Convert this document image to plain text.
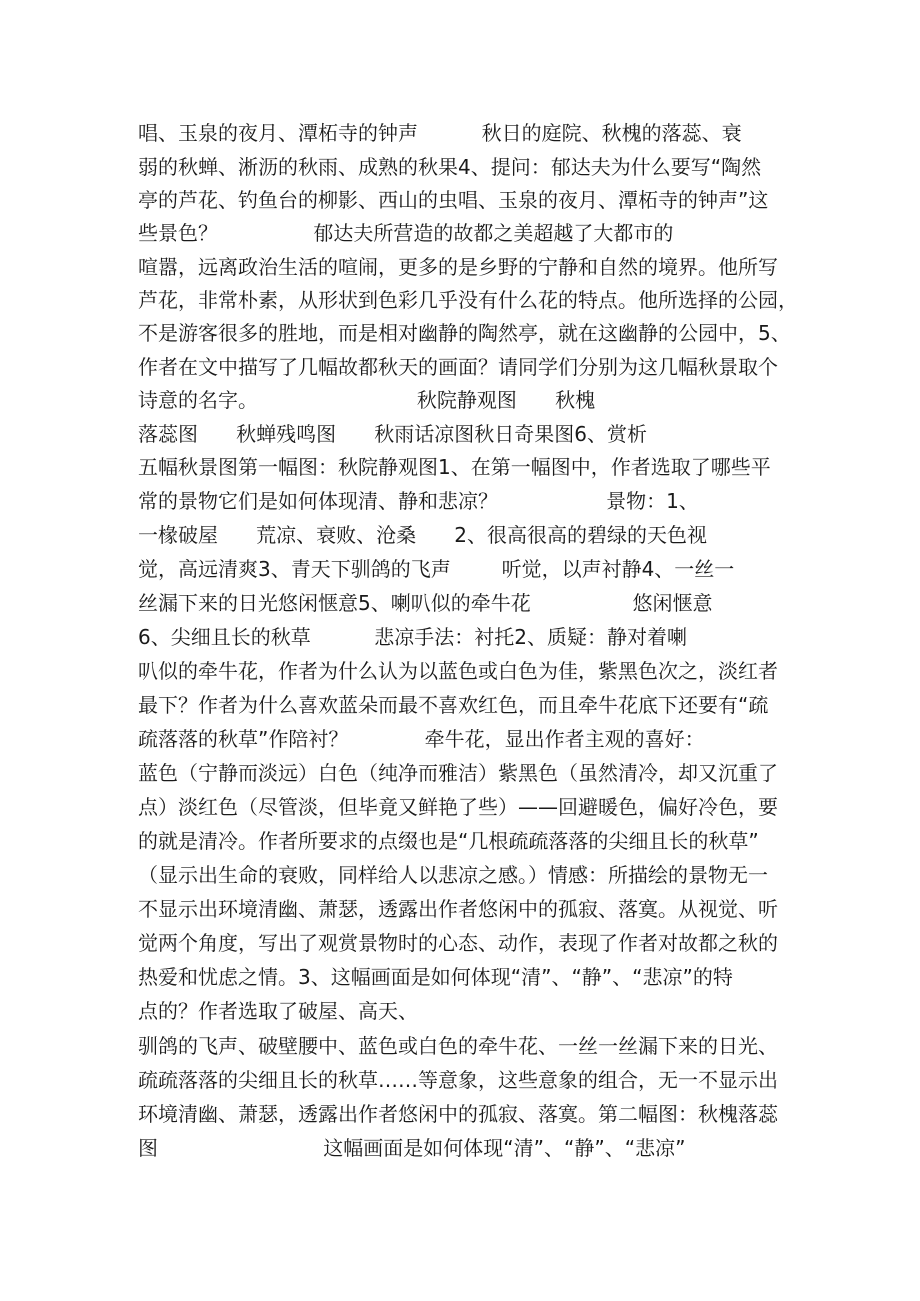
唱、玉泉的夜月、潭柘寺的钟声          秋日的庭院、秋槐的落蕊、衰
弱的秋蝉、淅沥的秋雨、成熟的秋果4、提问：郁达夫为什么要写“陶然
亭的芦花、钓鱼台的柳影、西山的虫唱、玉泉的夜月、潭柘寺的钟声”这
些景色？               郁达夫所营造的故都之美超越了大都市的
喧嚣，远离政治生活的喧闹，更多的是乡野的宁静和自然的境界。他所写
芦花，非常朴素，从形状到色彩几乎没有什么花的特点。他所选择的公园，
不是游客很多的胜地，而是相对幽静的陶然亭，就在这幽静的公园中，5、
作者在文中描写了几幅故都秋天的画面？请同学们分别为这几幅秋景取个
诗意的名字。                         秋院静观图      秋槐
落蕊图      秋蝉残鸣图      秋雨话凉图秋日奇果图6、赏析
五幅秋景图第一幅图：秋院静观图1、在第一幅图中，作者选取了哪些平
常的景物它们是如何体现清、静和悲凉？                 景物：1、
一椽破屋      荒凉、衰败、沧桑      2、很高很高的碧绿的天色视
觉，高远清爽3、青天下驯鸽的飞声        听觉，以声衬静4、一丝一
丝漏下来的日光悠闲惬意5、喇叭似的牵牛花                悠闲惬意
6、尖细且长的秋草          悲凉手法：衬托2、质疑：静对着喇
叭似的牵牛花，作者为什么认为以蓝色或白色为佳，紫黑色次之，淡红者
最下？作者为什么喜欢蓝朵而最不喜欢红色，而且牵牛花底下还要有“疏
疏落落的秋草”作陪衬？            牵牛花，显出作者主观的喜好：
蓝色（宁静而淡远）白色（纯净而雅洁）紫黑色（虽然清冷，却又沉重了
点）淡红色（尽管淡，但毕竟又鲜艳了些）——回避暖色，偏好冷色，要
的就是清冷。作者所要求的点缀也是“几根疏疏落落的尖细且长的秋草”
（显示出生命的衰败，同样给人以悲凉之感。）情感：所描绘的景物无一
不显示出环境清幽、萧瑟，透露出作者悠闲中的孤寂、落寞。从视觉、听
觉两个角度，写出了观赏景物时的心态、动作，表现了作者对故都之秋的
热爱和忧虑之情。3、这幅画面是如何体现“清”、“静”、“悲凉”的特
点的？作者选取了破屋、高天、
驯鸽的飞声、破壁腰中、蓝色或白色的牵牛花、一丝一丝漏下来的日光、
疏疏落落的尖细且长的秋草……等意象，这些意象的组合，无一不显示出
环境清幽、萧瑟，透露出作者悠闲中的孤寂、落寞。第二幅图：秋槐落蕊
图                          这幅画面是如何体现“清”、“静”、“悲凉”
